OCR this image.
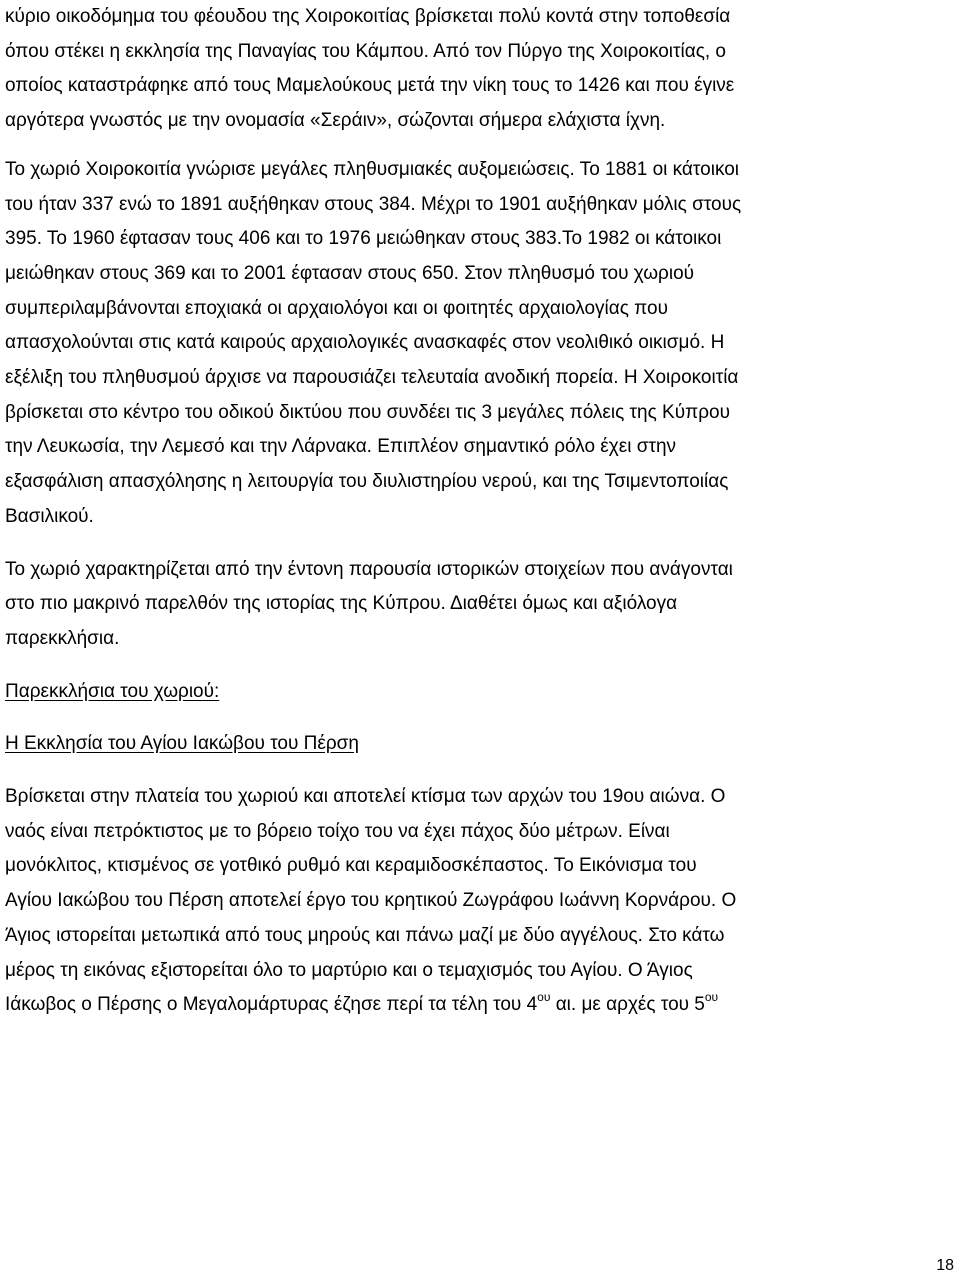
κύριο οικοδόμημα του φέουδου της Χοιροκοιτίας βρίσκεται πολύ κοντά στην τοποθεσία
όπου στέκει η εκκλησία της Παναγίας του Κάμπου. Από τον Πύργο της Χοιροκοιτίας, ο
οποίος καταστράφηκε από τους Μαμελούκους μετά την νίκη τους το 1426 και που έγινε
αργότερα γνωστός με την ονομασία «Σεράιν», σώζονται σήμερα ελάχιστα ίχνη.

Το χωριό Χοιροκοιτία γνώρισε μεγάλες πληθυσμιακές αυξομειώσεις. Το 1881 οι κάτοικοι
του ήταν 337 ενώ το 1891 αυξήθηκαν στους 384. Μέχρι το 1901 αυξήθηκαν μόλις στους
395. Το 1960 έφτασαν τους 406 και το 1976 μειώθηκαν στους 383.Το 1982 οι κάτοικοι
μειώθηκαν στους 369 και το 2001 έφτασαν στους 650. Στον πληθυσμό του χωριού
συμπεριλαμβάνονται εποχιακά οι αρχαιολόγοι και οι φοιτητές αρχαιολογίας που
απασχολούνται στις κατά καιρούς αρχαιολογικές ανασκαφές στον νεολιθικό οικισμό. Η
εξέλιξη του πληθυσμού άρχισε να παρουσιάζει τελευταία ανοδική πορεία. Η Χοιροκοιτία
βρίσκεται στο κέντρο του οδικού δικτύου που συνδέει τις 3 μεγάλες πόλεις της Κύπρου
την Λευκωσία, την Λεμεσό και την Λάρνακα. Επιπλέον σημαντικό ρόλο έχει στην
εξασφάλιση απασχόλησης η λειτουργία του διυλιστηρίου νερού, και της Τσιμεντοποιίας
Βασιλικού.

Το χωριό χαρακτηρίζεται από την έντονη παρουσία ιστορικών στοιχείων που ανάγονται
στο πιο μακρινό παρελθόν της ιστορίας της Κύπρου. Διαθέτει όμως και αξιόλογα
παρεκκλήσια.

Παρεκκλήσια του χωριού:

Η Εκκλησία του Αγίου Ιακώβου του Πέρση

Βρίσκεται στην πλατεία του χωριού και αποτελεί κτίσμα των αρχών του 19ου αιώνα. Ο
ναός είναι πετρόκτιστος με το βόρειο τοίχο του να έχει πάχος δύο μέτρων. Είναι
μονόκλιτος, κτισμένος σε γοτθικό ρυθμό και κεραμιδοσκέπαστος. Το Εικόνισμα του
Αγίου Ιακώβου του Πέρση αποτελεί έργο του κρητικού Ζωγράφου Ιωάννη Κορνάρου. Ο
Άγιος ιστορείται μετωπικά από τους μηρούς και πάνω μαζί με δύο αγγέλους. Στο κάτω
μέρος τη εικόνας εξιστορείται όλο το μαρτύριο και ο τεμαχισμός του Αγίου. Ο Άγιος
Ιάκωβος ο Πέρσης ο Μεγαλομάρτυρας έζησε περί τα τέλη του $4^{o\upsilon}$ αι. με αρχές του $5^{o\upsilon}$

18
